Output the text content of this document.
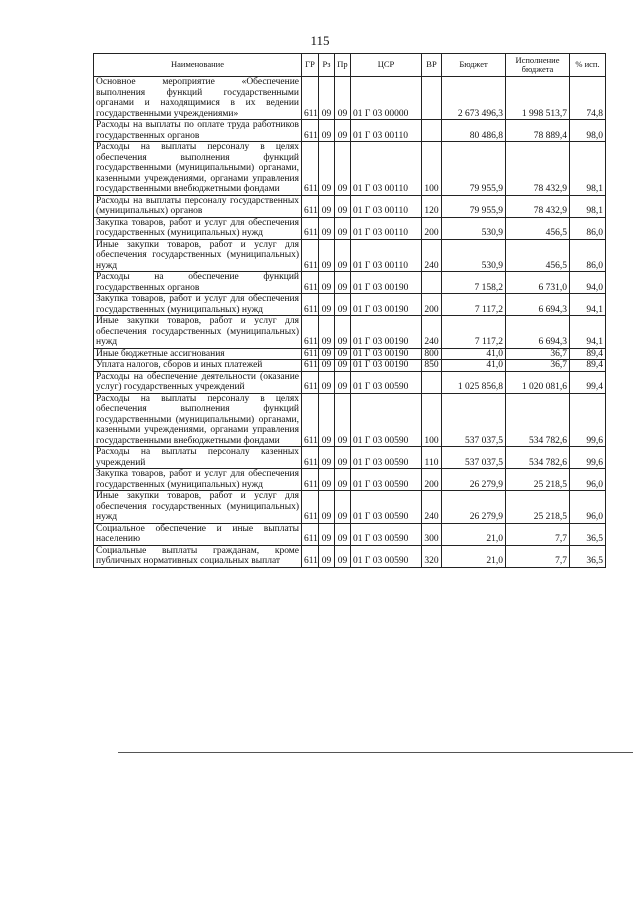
115
Наименование	ГР	Рз	Пр	ЦСР	ВР	Бюджет	Исполнение бюджета	% исп.
Основное мероприятие «Обеспечение выполнения функций государственными органами и находящимися в их ведении государственными учреждениями»	611	09	09	01 Г 03 00000		2 673 496,3	1 998 513,7	74,8
Расходы на выплаты по оплате труда работников государственных органов	611	09	09	01 Г 03 00110		80 486,8	78 889,4	98,0
Расходы на выплаты персоналу в целях обеспечения выполнения функций государственными (муниципальными) органами, казенными учреждениями, органами управления государственными внебюджетными фондами	611	09	09	01 Г 03 00110	100	79 955,9	78 432,9	98,1
Расходы на выплаты персоналу государственных (муниципальных) органов	611	09	09	01 Г 03 00110	120	79 955,9	78 432,9	98,1
Закупка товаров, работ и услуг для обеспечения государственных (муниципальных) нужд	611	09	09	01 Г 03 00110	200	530,9	456,5	86,0
Иные закупки товаров, работ и услуг для обеспечения государственных (муниципальных) нужд	611	09	09	01 Г 03 00110	240	530,9	456,5	86,0
Расходы на обеспечение функций государственных органов	611	09	09	01 Г 03 00190		7 158,2	6 731,0	94,0
Закупка товаров, работ и услуг для обеспечения государственных (муниципальных) нужд	611	09	09	01 Г 03 00190	200	7 117,2	6 694,3	94,1
Иные закупки товаров, работ и услуг для обеспечения государственных (муниципальных) нужд	611	09	09	01 Г 03 00190	240	7 117,2	6 694,3	94,1
Иные бюджетные ассигнования	611	09	09	01 Г 03 00190	800	41,0	36,7	89,4
Уплата налогов, сборов и иных платежей	611	09	09	01 Г 03 00190	850	41,0	36,7	89,4
Расходы на обеспечение деятельности (оказание услуг) государственных учреждений	611	09	09	01 Г 03 00590		1 025 856,8	1 020 081,6	99,4
Расходы на выплаты персоналу в целях обеспечения выполнения функций государственными (муниципальными) органами, казенными учреждениями, органами управления государственными внебюджетными фондами	611	09	09	01 Г 03 00590	100	537 037,5	534 782,6	99,6
Расходы на выплаты персоналу казенных учреждений	611	09	09	01 Г 03 00590	110	537 037,5	534 782,6	99,6
Закупка товаров, работ и услуг для обеспечения государственных (муниципальных) нужд	611	09	09	01 Г 03 00590	200	26 279,9	25 218,5	96,0
Иные закупки товаров, работ и услуг для обеспечения государственных (муниципальных) нужд	611	09	09	01 Г 03 00590	240	26 279,9	25 218,5	96,0
Социальное обеспечение и иные выплаты населению	611	09	09	01 Г 03 00590	300	21,0	7,7	36,5
Социальные выплаты гражданам, кроме публичных нормативных социальных выплат	611	09	09	01 Г 03 00590	320	21,0	7,7	36,5
